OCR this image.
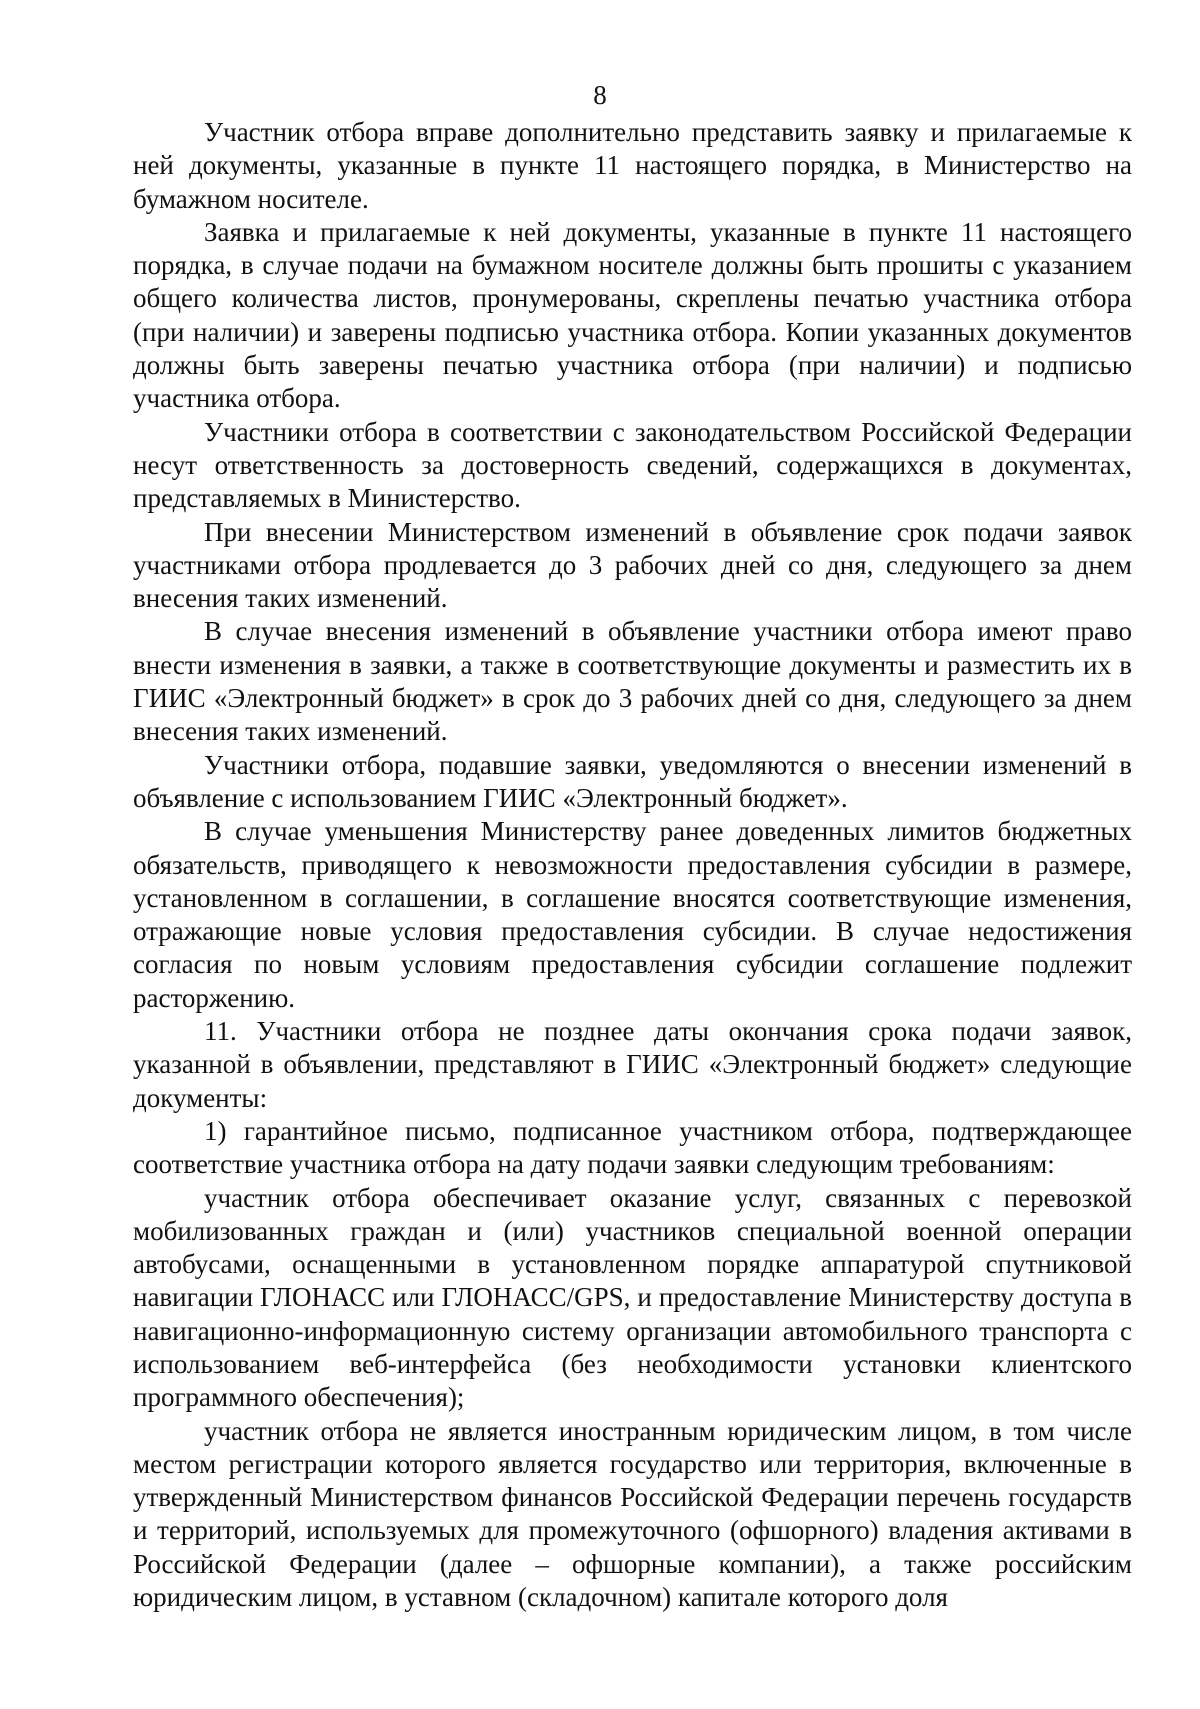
8

Участник отбора вправе дополнительно представить заявку и прилагаемые к ней документы, указанные в пункте 11 настоящего порядка, в Министерство на бумажном носителе.

Заявка и прилагаемые к ней документы, указанные в пункте 11 настоящего порядка, в случае подачи на бумажном носителе должны быть прошиты с указанием общего количества листов, пронумерованы, скреплены печатью участника отбора (при наличии) и заверены подписью участника отбора. Копии указанных документов должны быть заверены печатью участника отбора (при наличии) и подписью участника отбора.

Участники отбора в соответствии с законодательством Российской Федерации несут ответственность за достоверность сведений, содержащихся в документах, представляемых в Министерство.

При внесении Министерством изменений в объявление срок подачи заявок участниками отбора продлевается до 3 рабочих дней со дня, следующего за днем внесения таких изменений.

В случае внесения изменений в объявление участники отбора имеют право внести изменения в заявки, а также в соответствующие документы и разместить их в ГИИС «Электронный бюджет» в срок до 3 рабочих дней со дня, следующего за днем внесения таких изменений.

Участники отбора, подавшие заявки, уведомляются о внесении изменений в объявление с использованием ГИИС «Электронный бюджет».

В случае уменьшения Министерству ранее доведенных лимитов бюджетных обязательств, приводящего к невозможности предоставления субсидии в размере, установленном в соглашении, в соглашение вносятся соответствующие изменения, отражающие новые условия предоставления субсидии. В случае недостижения согласия по новым условиям предоставления субсидии соглашение подлежит расторжению.

11. Участники отбора не позднее даты окончания срока подачи заявок, указанной в объявлении, представляют в ГИИС «Электронный бюджет» следующие документы:

1) гарантийное письмо, подписанное участником отбора, подтверждающее соответствие участника отбора на дату подачи заявки следующим требованиям:

участник отбора обеспечивает оказание услуг, связанных с перевозкой мобилизованных граждан и (или) участников специальной военной операции автобусами, оснащенными в установленном порядке аппаратурой спутниковой навигации ГЛОНАСС или ГЛОНАСС/GPS, и предоставление Министерству доступа в навигационно-информационную систему организации автомобильного транспорта с использованием веб-интерфейса (без необходимости установки клиентского программного обеспечения);

участник отбора не является иностранным юридическим лицом, в том числе местом регистрации которого является государство или территория, включенные в утвержденный Министерством финансов Российской Федерации перечень государств и территорий, используемых для промежуточного (офшорного) владения активами в Российской Федерации (далее – офшорные компании), а также российским юридическим лицом, в уставном (складочном) капитале которого доля
